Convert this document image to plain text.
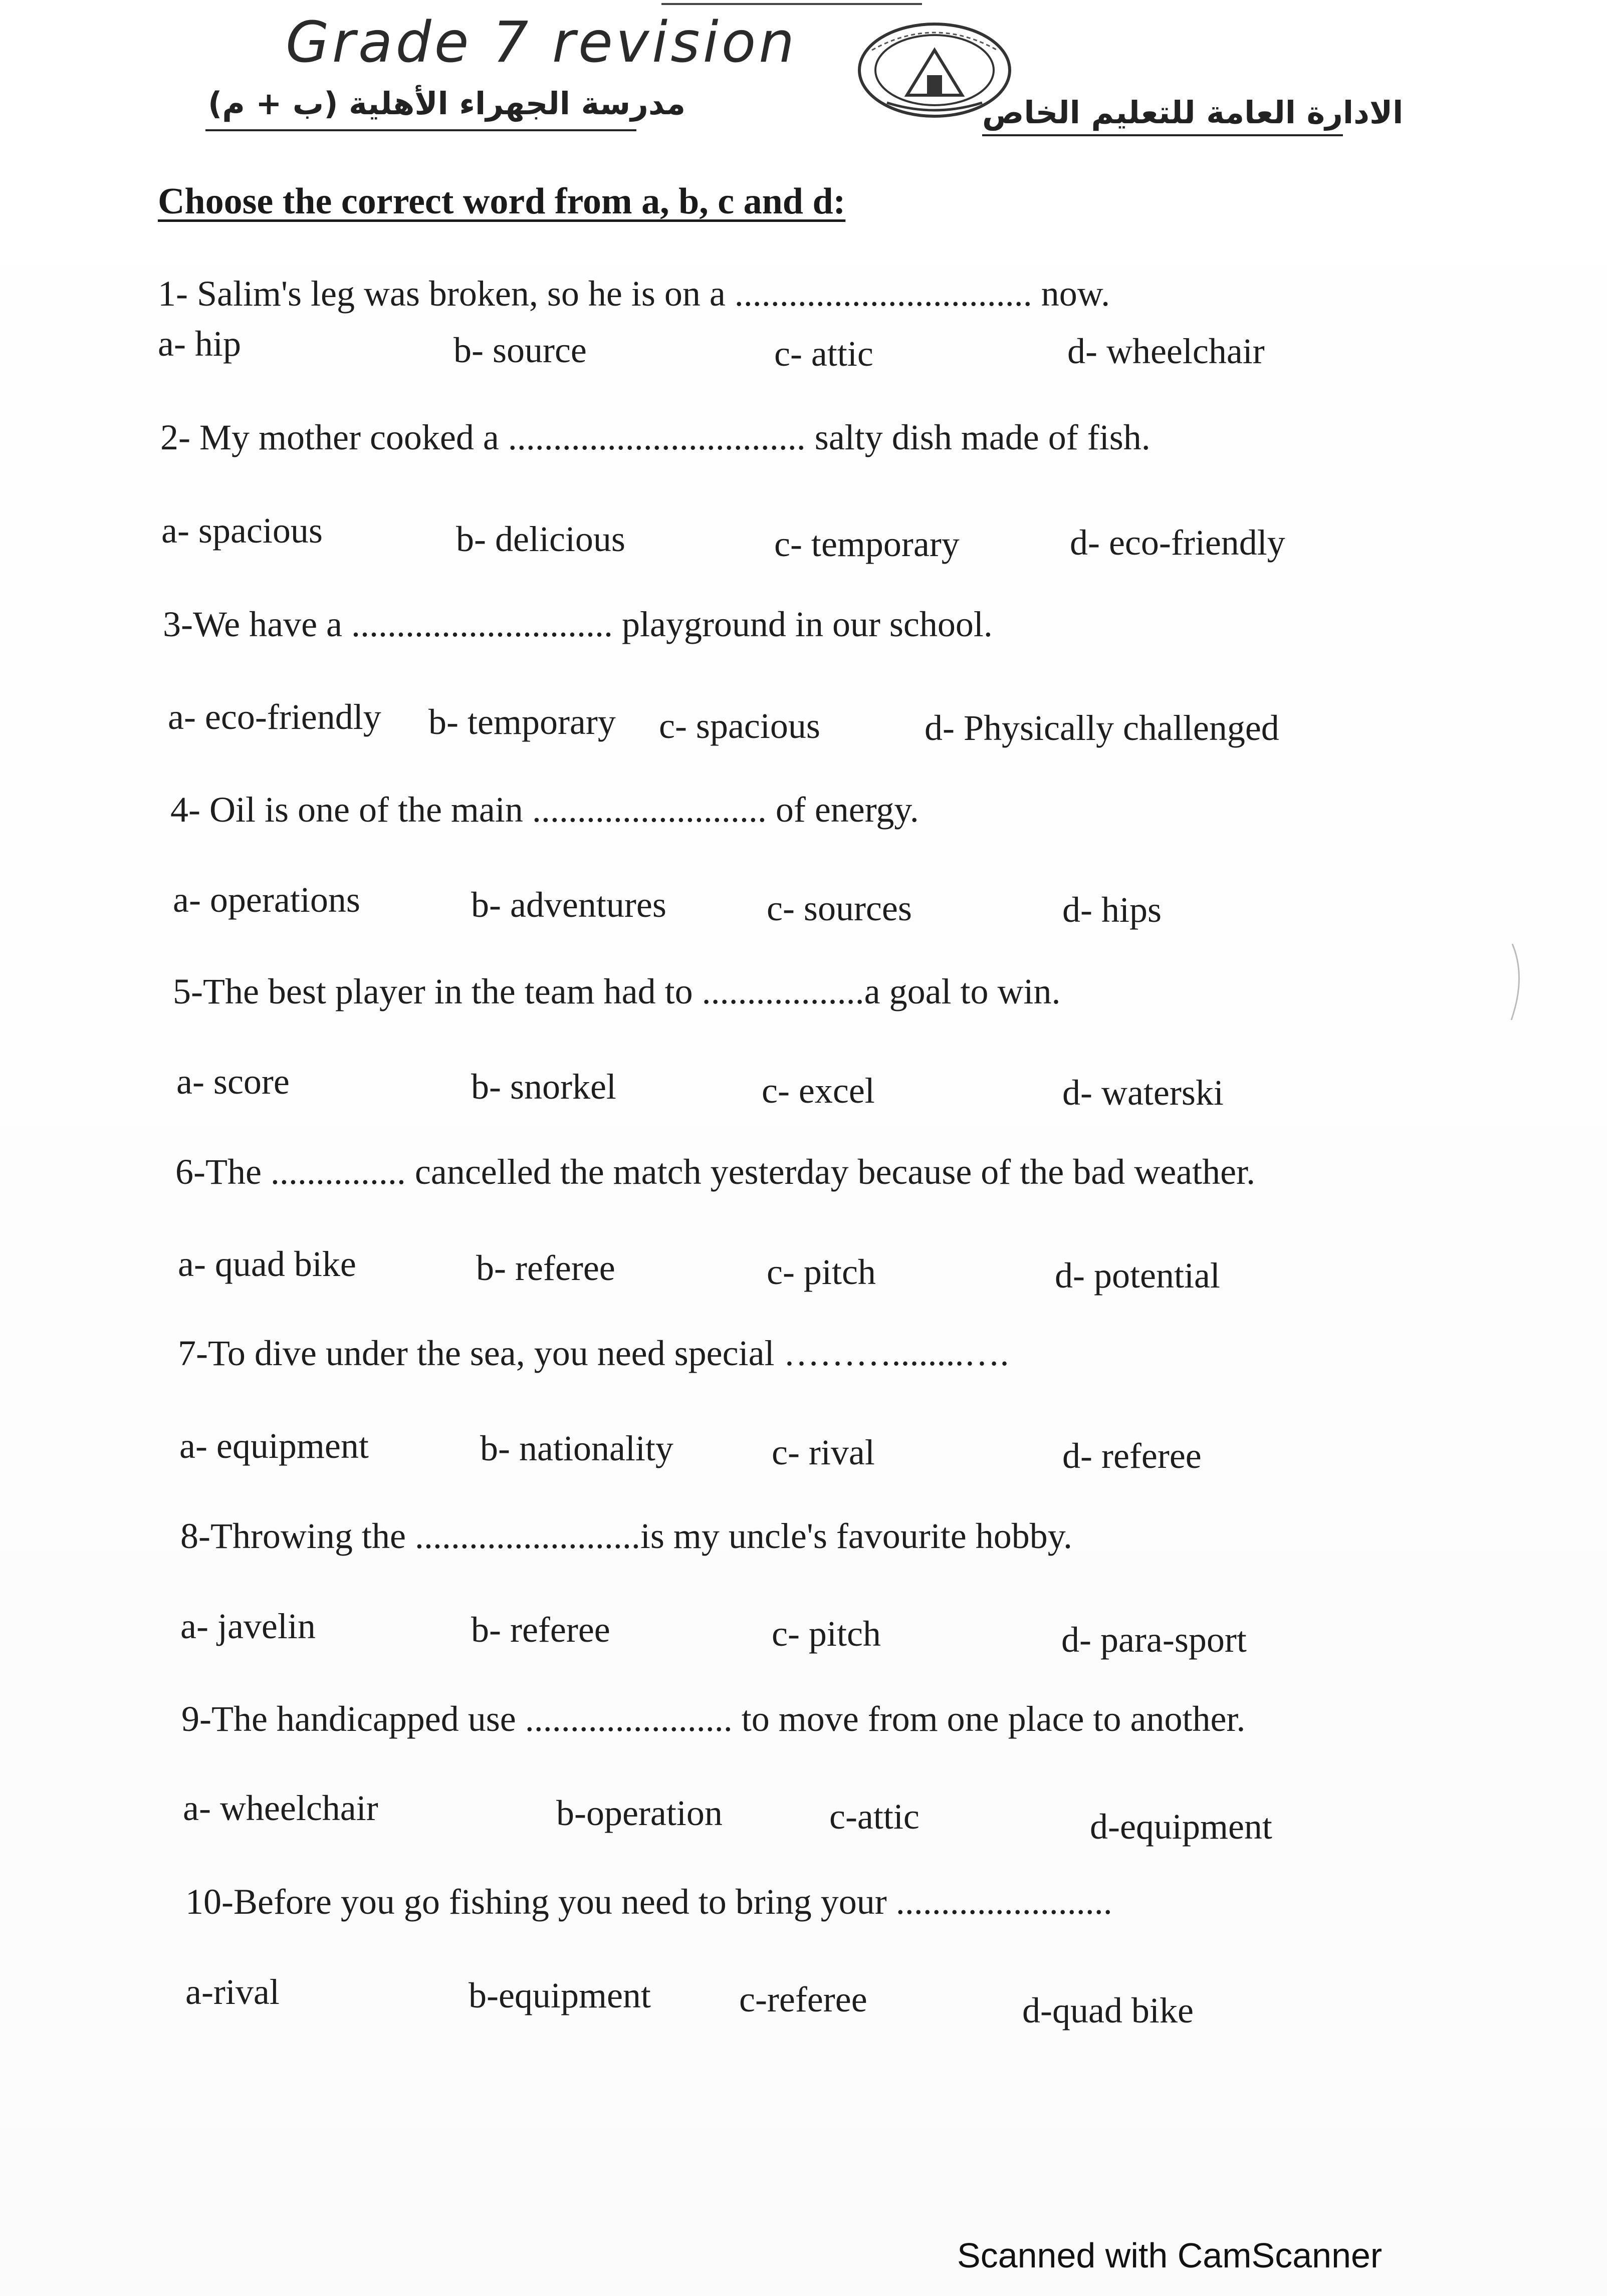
Grade 7 revision
مدرسة الجهراء الأهلية (ب + م)	الادارة العامة للتعليم الخاص
Choose the correct word from a, b, c and d:
1- Salim's leg was broken, so he is on a ................................. now.
a- hip	b- source	c- attic	d- wheelchair
2- My mother cooked a ................................. salty dish made of fish.
a- spacious	b- delicious	c- temporary	d- eco-friendly
3-We have a ............................. playground in our school.
a- eco-friendly b- temporary c- spacious	d- Physically challenged
4- Oil is one of the main .......................... of energy.
a- operations	b- adventures	c- sources	d- hips
5-The best player in the team had to ..................a goal to win.
a- score	b- snorkel	c- excel	d- waterski
6-The ............... cancelled the match yesterday because of the bad weather.
a- quad bike	b- referee	c- pitch	d- potential
7-To dive under the sea, you need special ………........….
a- equipment	b- nationality	c- rival	d- referee
8-Throwing the .........................is my uncle's favourite hobby.
a- javelin	b- referee	c- pitch	d- para-sport
9-The handicapped use ....................... to move from one place to another.
a- wheelchair	b-operation	c-attic	d-equipment
10-Before you go fishing you need to bring your ........................
a-rival	b-equipment c-referee	d-quad bike
Scanned with CamScanner
